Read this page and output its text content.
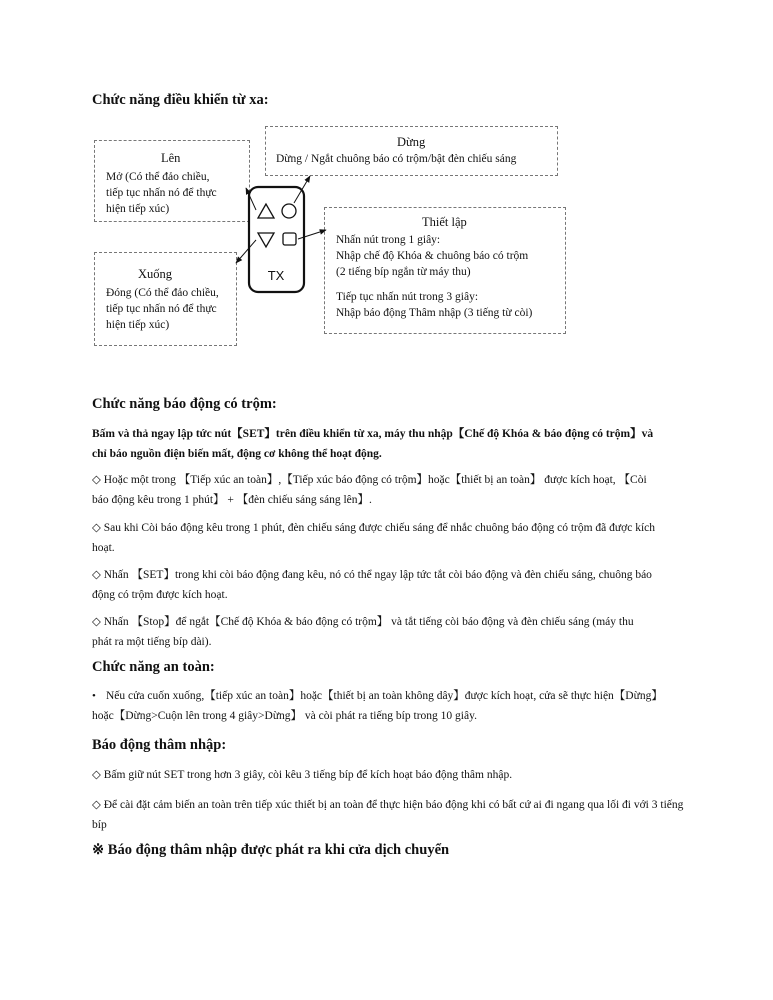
Chức năng điều khiển từ xa:
Lên
Mở (Có thể đảo chiều,
tiếp tục nhấn nó để thực
hiện tiếp xúc)
Dừng
Dừng / Ngắt chuông báo có trộm/bật đèn chiếu sáng
Xuống
Đóng (Có thể đảo chiều,
tiếp tục nhấn nó để thực
hiện tiếp xúc)
Thiết lập
Nhấn nút trong 1 giây:
Nhập chế độ Khóa & chuông báo có trộm
(2 tiếng bíp ngắn từ máy thu)
Tiếp tục nhấn nút trong 3 giây:
Nhập báo động Thâm nhập (3 tiếng từ còi)
TX
Chức năng báo động có trộm:
Bấm và thả ngay lập tức nút【SET】trên điều khiển từ xa, máy thu nhập【Chế độ Khóa & báo động có trộm】và
chỉ báo nguồn điện biến mất, động cơ không thể hoạt động.
◇ Hoặc một trong 【Tiếp xúc an toàn】,【Tiếp xúc báo động có trộm】hoặc【thiết bị an toàn】 được kích hoạt, 【Còi
báo động kêu trong 1 phút】 + 【đèn chiếu sáng sáng lên】.
◇ Sau khi Còi báo động kêu trong 1 phút, đèn chiếu sáng được chiếu sáng để nhắc chuông báo động có trộm đã được kích
hoạt.
◇ Nhấn 【SET】trong khi còi báo động đang kêu, nó có thể ngay lập tức tắt còi báo động và đèn chiếu sáng, chuông báo
động có trộm được kích hoạt.
◇ Nhấn 【Stop】để ngắt【Chế độ Khóa & báo động có trộm】 và tắt tiếng còi báo động và đèn chiếu sáng (máy thu
phát ra một tiếng bíp dài).
Chức năng an toàn:
• Nếu cửa cuốn xuống,【tiếp xúc an toàn】hoặc【thiết bị an toàn không dây】được kích hoạt, cửa sẽ thực hiện【Dừng】
hoặc【Dừng>Cuộn lên trong 4 giây>Dừng】 và còi phát ra tiếng bíp trong 10 giây.
Báo động thâm nhập:
◇ Bấm giữ nút SET trong hơn 3 giây, còi kêu 3 tiếng bíp để kích hoạt báo động thâm nhập.
◇ Để cài đặt cảm biến an toàn trên tiếp xúc thiết bị an toàn để thực hiện báo động khi có bất cứ ai đi ngang qua lối đi với 3 tiếng
bíp
※ Báo động thâm nhập được phát ra khi cửa dịch chuyển
